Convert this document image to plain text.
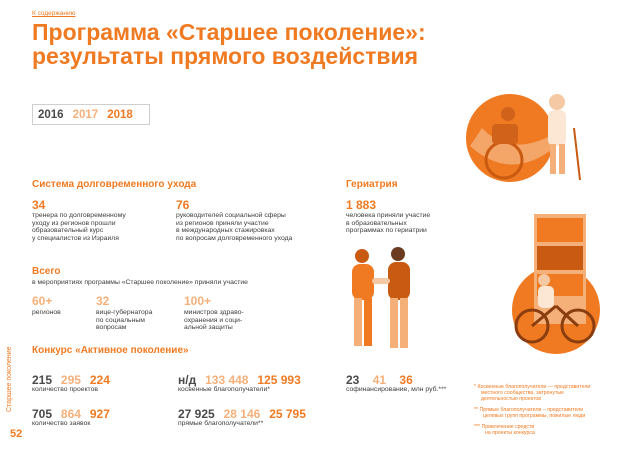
К содержанию
Программа «Старшее поколение»:
результаты прямого воздействия
2016 2017 2018
Система долговременного ухода
34
тренера по долговременному
уходу из регионов прошли
образовательный курс
у специалистов из Израиля
76
руководителей социальной сферы
из регионов приняли участие
в международных стажировках
по вопросам долговременного ухода
Гериатрия
1 883
человека приняли участие
в образовательных
программах по гериатрии
Всего
в мероприятиях программы «Старшее поколение» приняли участие
60+
регионов
32
вице-губернатора
по социальным
вопросам
100+
министров здраво-
охранения и соци-
альной защиты
Конкурс «Активное поколение»
215 295 224
количество проектов
705 864 927
количество заявок
н/д 133 448 125 993
косвенные благополучатели*
27 925 28 146 25 795
прямые благополучатели**
23 41 36
софинансирование, млн руб.***	* Косвенные благополучатели — представители
местного сообщества, затронутые
деятельностью проектов
** Прямые благополучатели – представители
целевых групп программы, пожилые люди
*** Привлечение средств
на проекты конкурса
Старшее поколение
52
